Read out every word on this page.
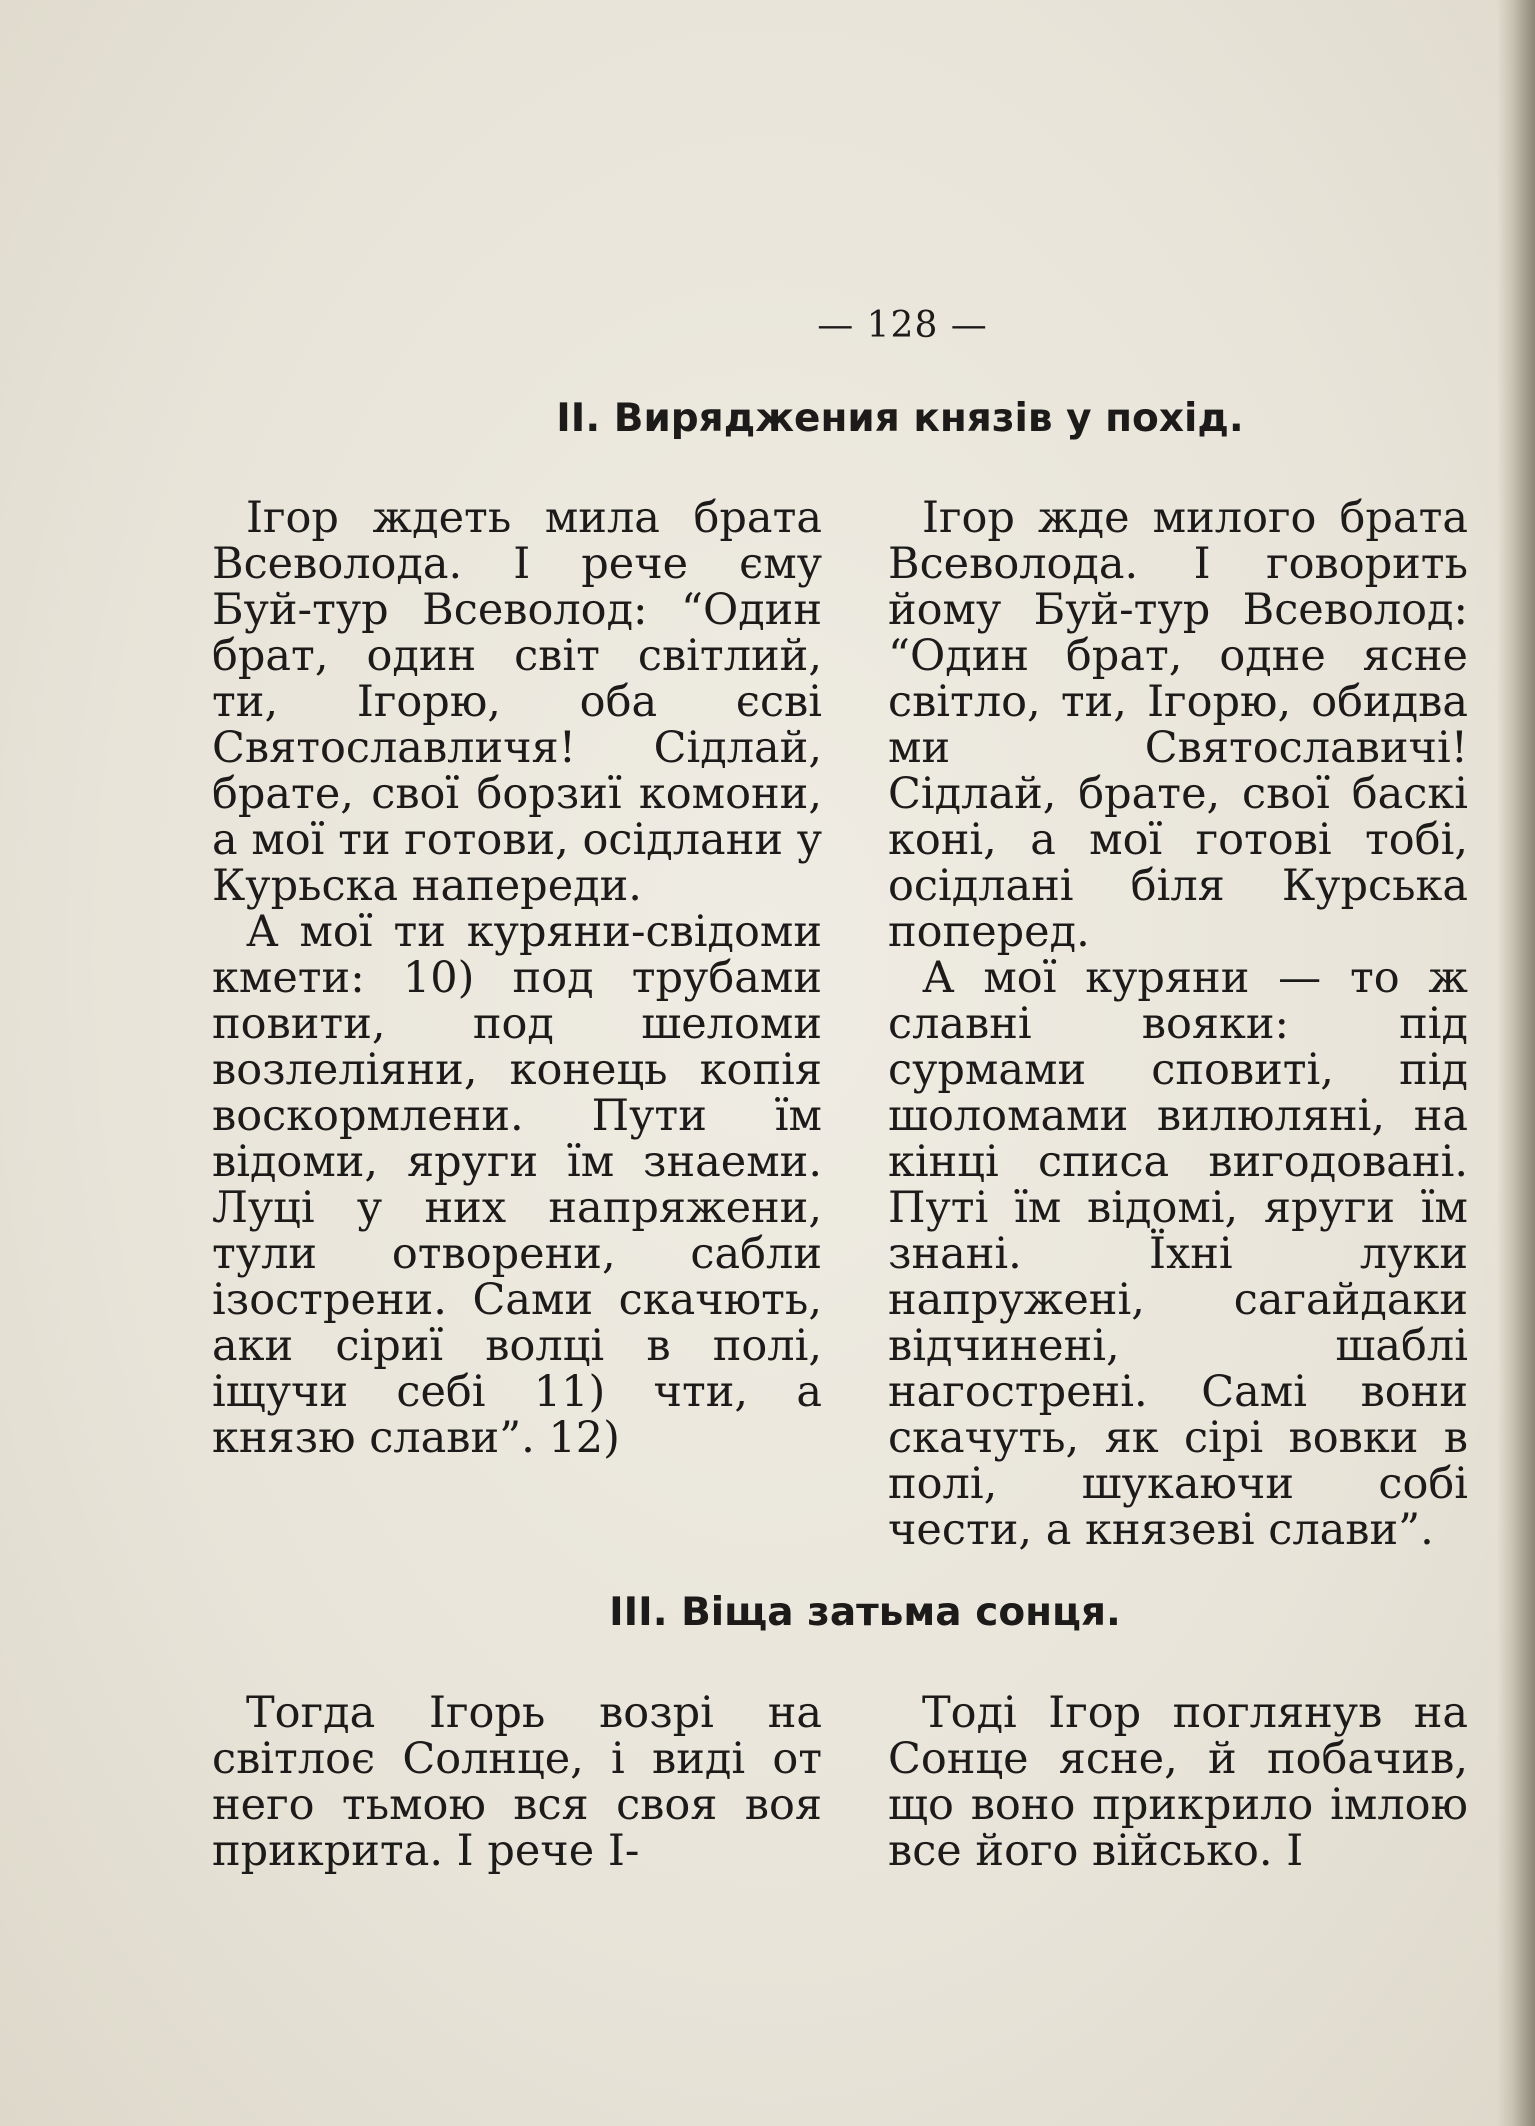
— 128 —
II. Виряджения князів у похід.

Ігор ждеть мила брата Всеволода. І рече єму Буй-тур Всеволод: “Один брат, один світ світлий, ти, Ігорю, оба єсві Святославличя! Сідлай, брате, свої борзиї комони, а мої ти готови, осідлани у Курьска напереди.

А мої ти куряни-свідоми кмети: 10) под трубами повити, под шеломи возлеліяни, конець копія воскормлени. Пути їм відоми, яруги їм знаеми. Луці у них напряжени, тули отворени, сабли ізострени. Сами скачють, аки сіриї волці в полі, іщучи себі 11) чти, а князю слави”. 12)

Ігор жде милого брата Всеволода. І говорить йому Буй-тур Всеволод: “Один брат, одне ясне світло, ти, Ігорю, обидва ми Святославичі! Сідлай, брате, свої баскі коні, а мої готові тобі, осідлані біля Курська поперед.

А мої куряни — то ж славні вояки: під сурмами сповиті, під шоломами вилюляні, на кінці списа вигодовані. Путі їм відомі, яруги їм знані. Їхні луки напружені, сагайдаки відчинені, шаблі нагострені. Самі вони скачуть, як сірі вовки в полі, шукаючи собі чести, а князеві слави”.

III. Віща затьма сонця.

Тогда Ігорь возрі на світлоє Солнце, і виді от него тьмою вся своя воя прикрита. І рече І-

Тоді Ігор поглянув на Сонце ясне, й побачив, що воно прикрило імлою все його військо. І
